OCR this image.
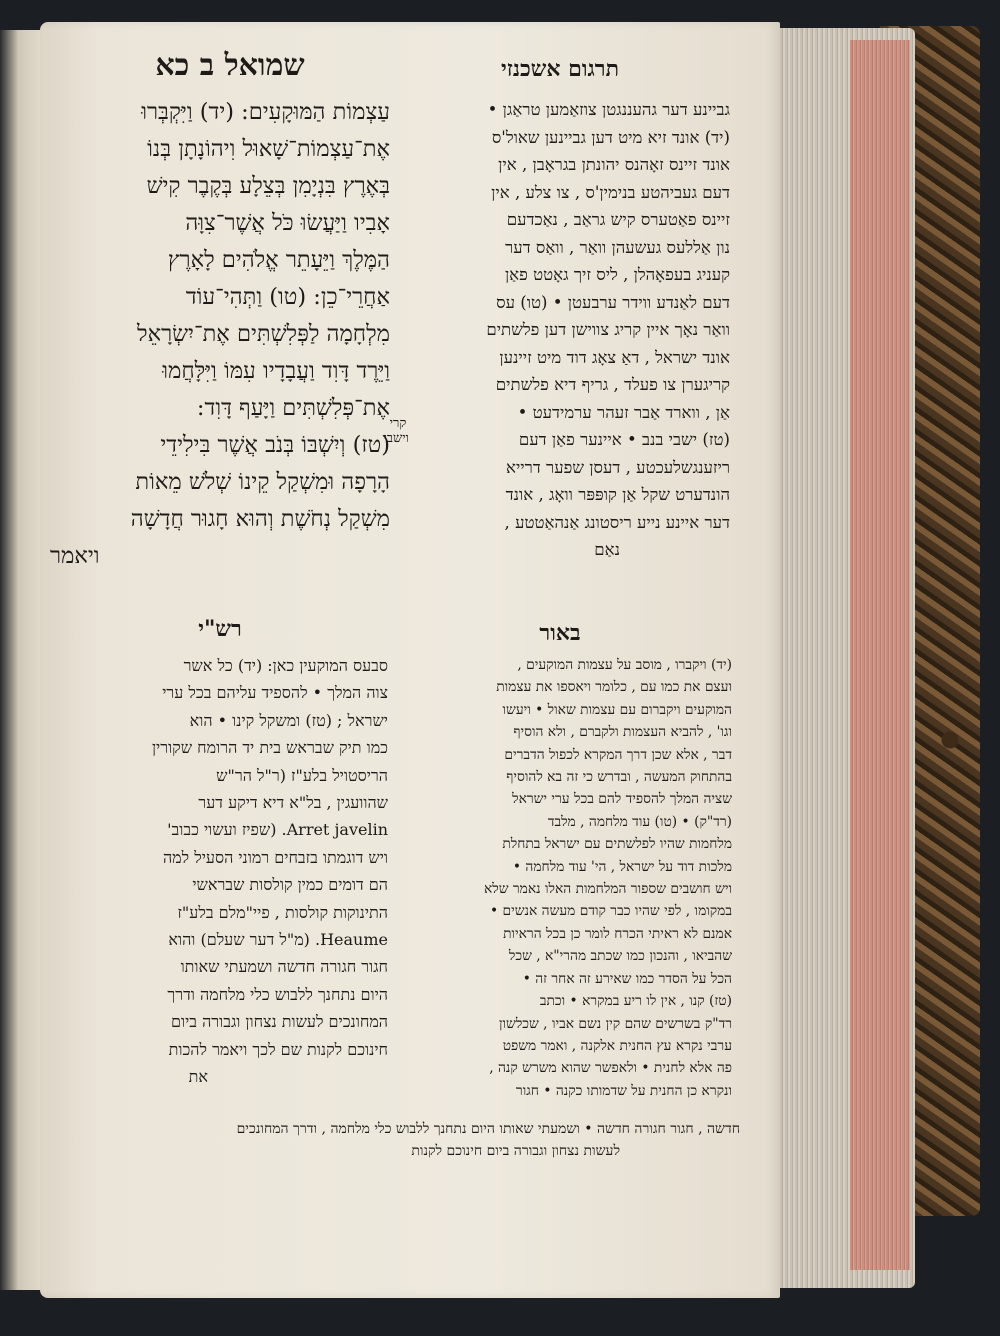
שמואל ב כא	תרגום אשכנזי
עַצְמוֹת הַמּוּקָעִים: (יד) וַיִּקְבְּרוּ
אֶת־עַצְמוֹת־שָׁאוּל וִיהוֹנָתָן בְּנוֹ
בְּאֶרֶץ בִּנְיָמִן בְּצֵלָע בְּקֶבֶר קִישׁ
אָבִיו וַיַּעֲשׂוּ כֹּל אֲשֶׁר־צִוָּה
הַמֶּלֶךְ וַיֵּעָתֵר אֱלֹהִים לָאָרֶץ
אַחֲרֵי־כֵן: (טו) וַתְּהִי־עוֹד
מִלְחָמָה לַפְּלִשְׁתִּים אֶת־יִשְׂרָאֵל
וַיֵּרֶד דָּוִד וַעֲבָדָיו עִמּוֹ וַיִּלָּחֲמוּ
אֶת־פְּלִשְׁתִּים וַיָּעַף דָּוִד:
(טז) וְיִשְׁבּוֹ בְּנֹב אֲשֶׁר בִּילִידֵי
הָרָפָה וּמִשְׁקַל קֵינוֹ שְׁלֹשׁ מֵאוֹת
מִשְׁקַל נְחֹשֶׁת וְהוּא חָגוּר חֲדָשָׁה
ויאמר
קרי וישבי
גביינע דער גהעננגטן צוזאַמען טראַגן •
(יד) אונד זיא מיט דען גביינען שאול'ס
אונד זיינס זאָהנס יהונתן בגראָבן , אין
דעם געביהטע בנימין'ס , צו צלע , אין
זיינס פאַטערס קיש גראַב , נאַכדעם
נון אַללעס געשעהן וואַר , וואַס דער
קעניג בעפאָהלן , ליס זיך גאָטט פאַן
דעם לאַנדע ווידר ערבעטן • (טו) עס
וואַר נאָך איין קריג צווישן דען פלשתים
אונד ישראל , דאַ צאָג דוד מיט זיינען
קריגערן צו פעלד , גריף דיא פלשתים
אַן , ווארד אַבר זעהר ערמידעט •
(טז) ישבי בנב • איינער פאַן דעם
ריזענגשלעכטע , דעסן שפער דרייא
הונדערט שקל אַן קופּפּר וואָג , אונד
דער איינע נייע ריסטונג אַנהאַטטע ,
נאַם
רש"י	באור
סבעס המוקעין כאן: (יד) כל אשר
צוה המלך • להספיד עליהם בכל ערי
ישראל ; (טז) ומשקל קינו • הוא
כמו תיק שבראש בית יד הרומח שקורין
הריסטויל בלע"ז (ר"ל הר"ש
שהוועגין , בל"א דיא דיקע דער
Arret javelin. (שפיז ועשוי כבוב'
ויש דוגמתו בזבחים רמוני הסעיל למה
הם דומים כמין קולסות שבראשי
התינוקות קולסות , פיי"מלם בלע"ז
Heaume. (מ"ל דער שעלם) והוא
חגור חגורה חדשה ושמעתי שאותו
היום נתחנך ללבוש כלי מלחמה ודרך
המחונכים לעשות נצחון וגבורה ביום
חינוכם לקנות שם לכך ויאמר להכות
את
(יד) ויקברו , מוסב על עצמות המוקעים ,
ועצם את כמו עם , כלומר ויאספו את עצמות
המוקעים ויקברום עם עצמות שאול • ויעשו
וגו' , להביא העצמות ולקברם , ולא הוסיף
דבר , אלא שכן דרך המקרא לכפול הדברים
בהתחוק המעשה , ובדרש כי זה בא להוסיף
שציה המלך להספיד להם בכל ערי ישראל
(רד"ק) • (טו) עוד מלחמה , מלבד
מלחמות שהיו לפלשתים עם ישראל בתחלת
מלכות דוד על ישראל , הי' עוד מלחמה •
ויש חושבים שספור המלחמות האלו נאמר שלא
במקומו , לפי שהיו כבר קודם מעשה אנשים •
אמנם לא ראיתי הכרח לומר כן בכל הראיות
שהביאו , והנכון כמו שכתב מהרי"א , שכל
הכל על הסדר כמו שאירע זה אחר זה •
(טז) קנו , אין לו ריע במקרא • וכתב
רד"ק בשרשים שהם קין נשם אביו , שכלשון
ערבי נקרא עץ החנית אלקנה , ואמר משפט
פה אלא לחנית • ולאפשר שהוא משרש קנה ,
ונקרא כן החנית על שדמותו כקנה • חגור
חדשה , חגור חגורה חדשה • ושמעתי שאותו היום נתחנך ללבוש כלי מלחמה , ודרך המחונכים
לעשות נצחון וגבורה ביום חינוכם לקנות
